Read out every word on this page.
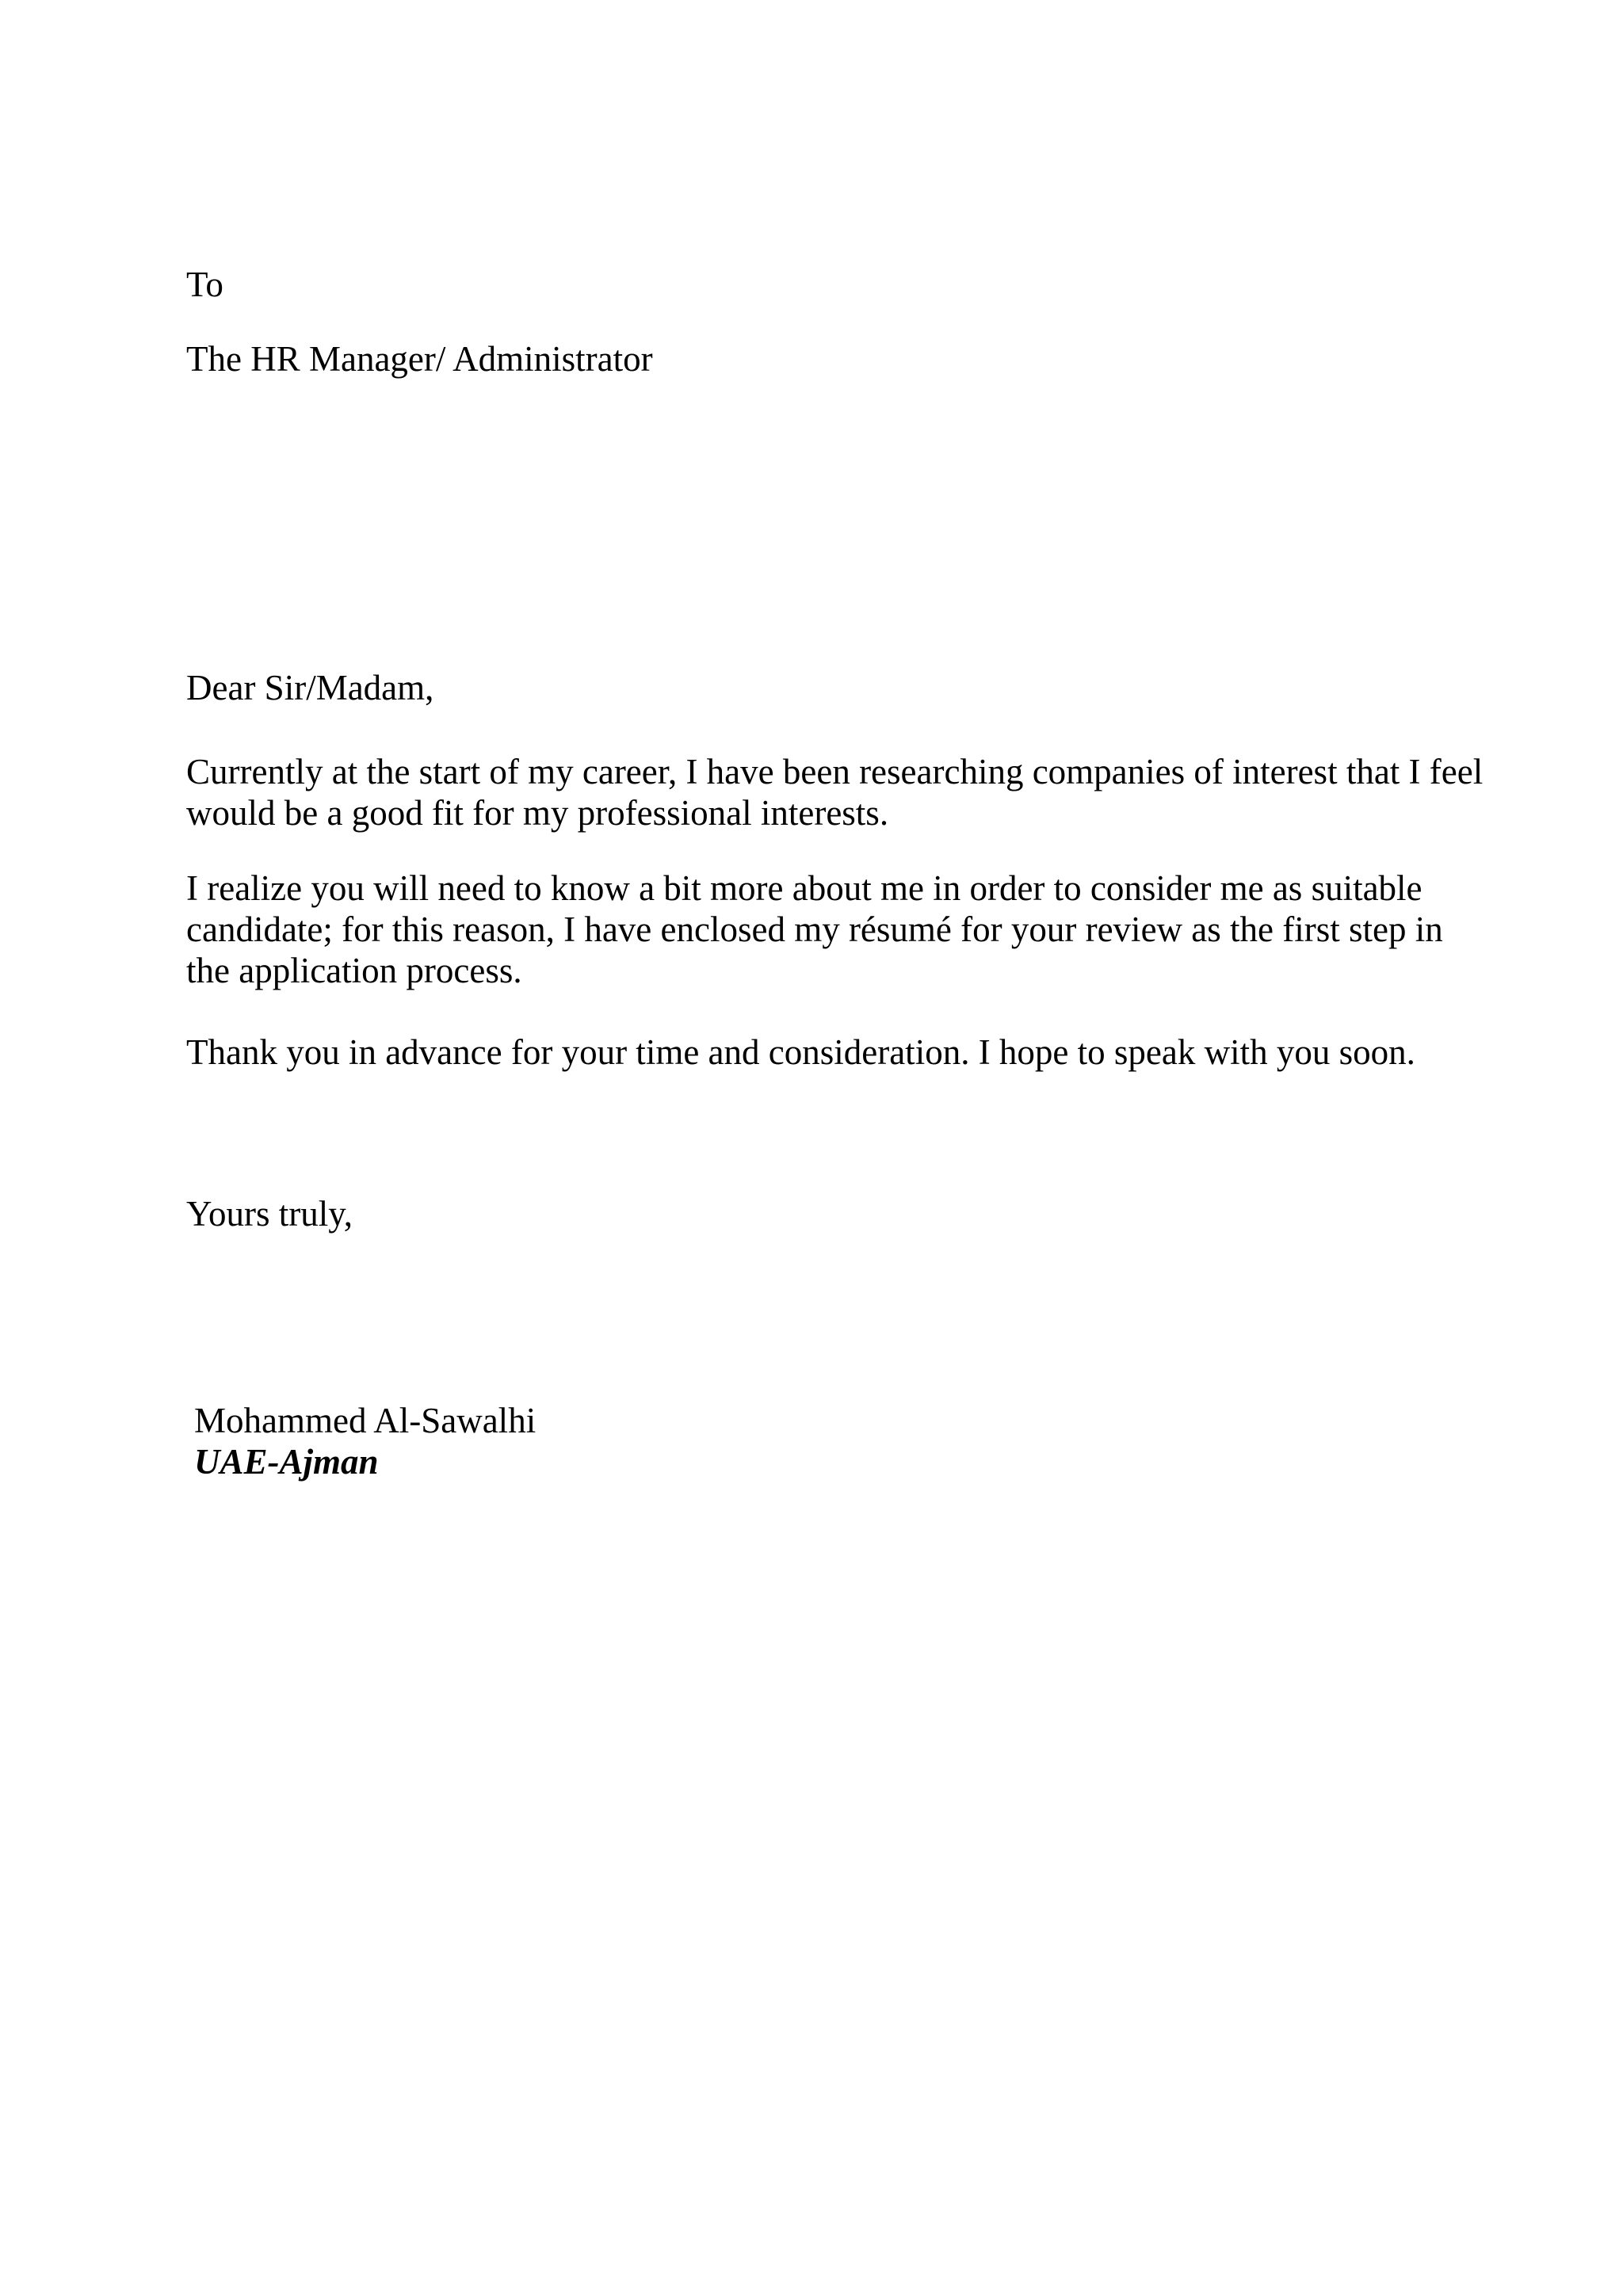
To

The HR Manager/ Administrator

Dear Sir/Madam,

Currently at the start of my career, I have been researching companies of interest that I feel would be a good fit for my professional interests.

I realize you will need to know a bit more about me in order to consider me as suitable candidate; for this reason, I have enclosed my résumé for your review as the first step in the application process.

Thank you in advance for your time and consideration. I hope to speak with you soon.

Yours truly,

Mohammed Al-Sawalhi

UAE-Ajman
